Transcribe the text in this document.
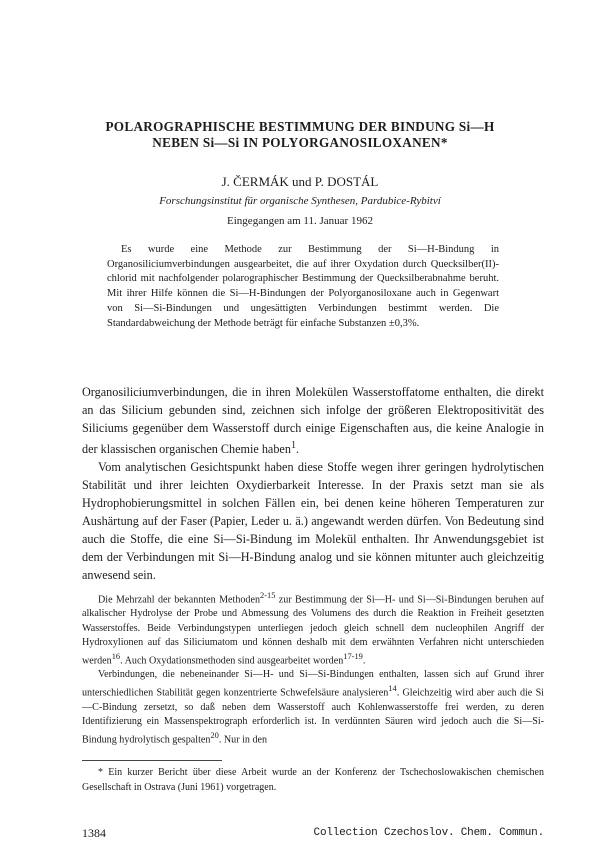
POLAROGRAPHISCHE BESTIMMUNG DER BINDUNG Si—H
NEBEN Si—Si IN POLYORGANOSILOXANEN*
J. ČERMÁK und P. DOSTÁL
Forschungsinstitut für organische Synthesen, Pardubice-Rybitví
Eingegangen am 11. Januar 1962

Es wurde eine Methode zur Bestimmung der Si—H-Bindung in Organosiliciumverbindungen ausgearbeitet, die auf ihrer Oxydation durch Quecksilber(II)-chlorid mit nachfolgender polarographischer Bestimmung der Quecksilberabnahme beruht. Mit ihrer Hilfe können die Si—H-Bindungen der Polyorganosiloxane auch in Gegenwart von Si—Si-Bindungen und ungesättigten Verbindungen bestimmt werden. Die Standardabweichung der Methode beträgt für einfache Substanzen ±0,3%.

Organosiliciumverbindungen, die in ihren Molekülen Wasserstoffatome enthalten, die direkt an das Silicium gebunden sind, zeichnen sich infolge der größeren Elektropositivität des Siliciums gegenüber dem Wasserstoff durch einige Eigenschaften aus, die keine Analogie in der klassischen organischen Chemie haben$^1$.

Vom analytischen Gesichtspunkt haben diese Stoffe wegen ihrer geringen hydrolytischen Stabilität und ihrer leichten Oxydierbarkeit Interesse. In der Praxis setzt man sie als Hydrophobierungsmittel in solchen Fällen ein, bei denen keine höheren Temperaturen zur Aushärtung auf der Faser (Papier, Leder u. ä.) angewandt werden dürfen. Von Bedeutung sind auch die Stoffe, die eine Si—Si-Bindung im Molekül enthalten. Ihr Anwendungsgebiet ist dem der Verbindungen mit Si—H-Bindung analog und sie können mitunter auch gleichzeitig anwesend sein.

Die Mehrzahl der bekannten Methoden$^{2-15}$ zur Bestimmung der Si—H- und Si—Si-Bindungen beruhen auf alkalischer Hydrolyse der Probe und Abmessung des Volumens des durch die Reaktion in Freiheit gesetzten Wasserstoffes. Beide Verbindungstypen unterliegen jedoch gleich schnell dem nucleophilen Angriff der Hydroxylionen auf das Siliciumatom und können deshalb mit dem erwähnten Verfahren nicht unterschieden werden$^{16}$. Auch Oxydationsmethoden sind ausgearbeitet worden$^{17-19}$.

Verbindungen, die nebeneinander Si—H- und Si—Si-Bindungen enthalten, lassen sich auf Grund ihrer unterschiedlichen Stabilität gegen konzentrierte Schwefelsäure analysieren$^{14}$. Gleichzeitig wird aber auch die Si—C-Bindung zersetzt, so daß neben dem Wasserstoff auch Kohlenwasserstoffe frei werden, zu deren Identifizierung ein Massenspektrograph erforderlich ist. In verdünnten Säuren wird jedoch auch die Si—Si-Bindung hydrolytisch gespalten$^{20}$. Nur in den

* Ein kurzer Bericht über diese Arbeit wurde an der Konferenz der Tschechoslowakischen chemischen Gesellschaft in Ostrava (Juni 1961) vorgetragen.

1384	Collection Czechoslov. Chem. Commun.
